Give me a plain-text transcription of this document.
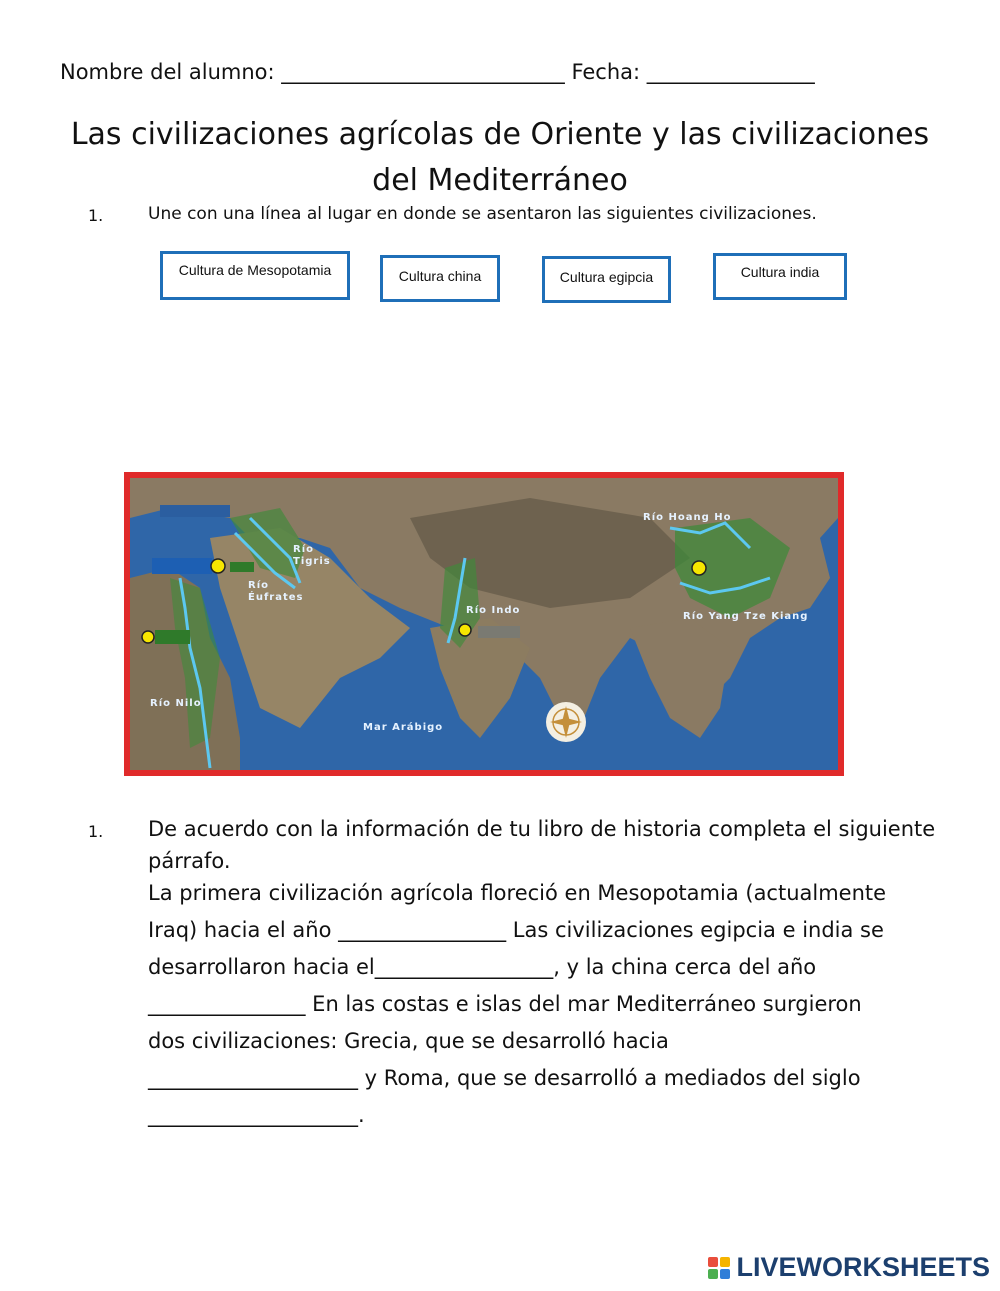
Nombre del alumno: ___________________________ Fecha: ________________
Las civilizaciones agrícolas de Oriente y las civilizaciones
del Mediterráneo
1.	Une con una línea al lugar en donde se asentaron las siguientes civilizaciones.
Cultura de Mesopotamia	Cultura china	Cultura egipcia	Cultura india
Río
Tigris
Río
Éufrates
Río Indo
Río Hoang Ho
Río Yang Tze Kiang
Río Nilo
Mar Arábigo
1. De acuerdo con la información de tu libro de historia completa el siguiente
párrafo.
La primera civilización agrícola floreció en Mesopotamia (actualmente
Iraq) hacia el año ________________ Las civilizaciones egipcia e india se
desarrollaron hacia el_________________, y la china cerca del año
_______________ En las costas e islas del mar Mediterráneo surgieron
dos civilizaciones: Grecia, que se desarrolló hacia
____________________ y Roma, que se desarrolló a mediados del siglo
____________________.
LIVEWORKSHEETS
